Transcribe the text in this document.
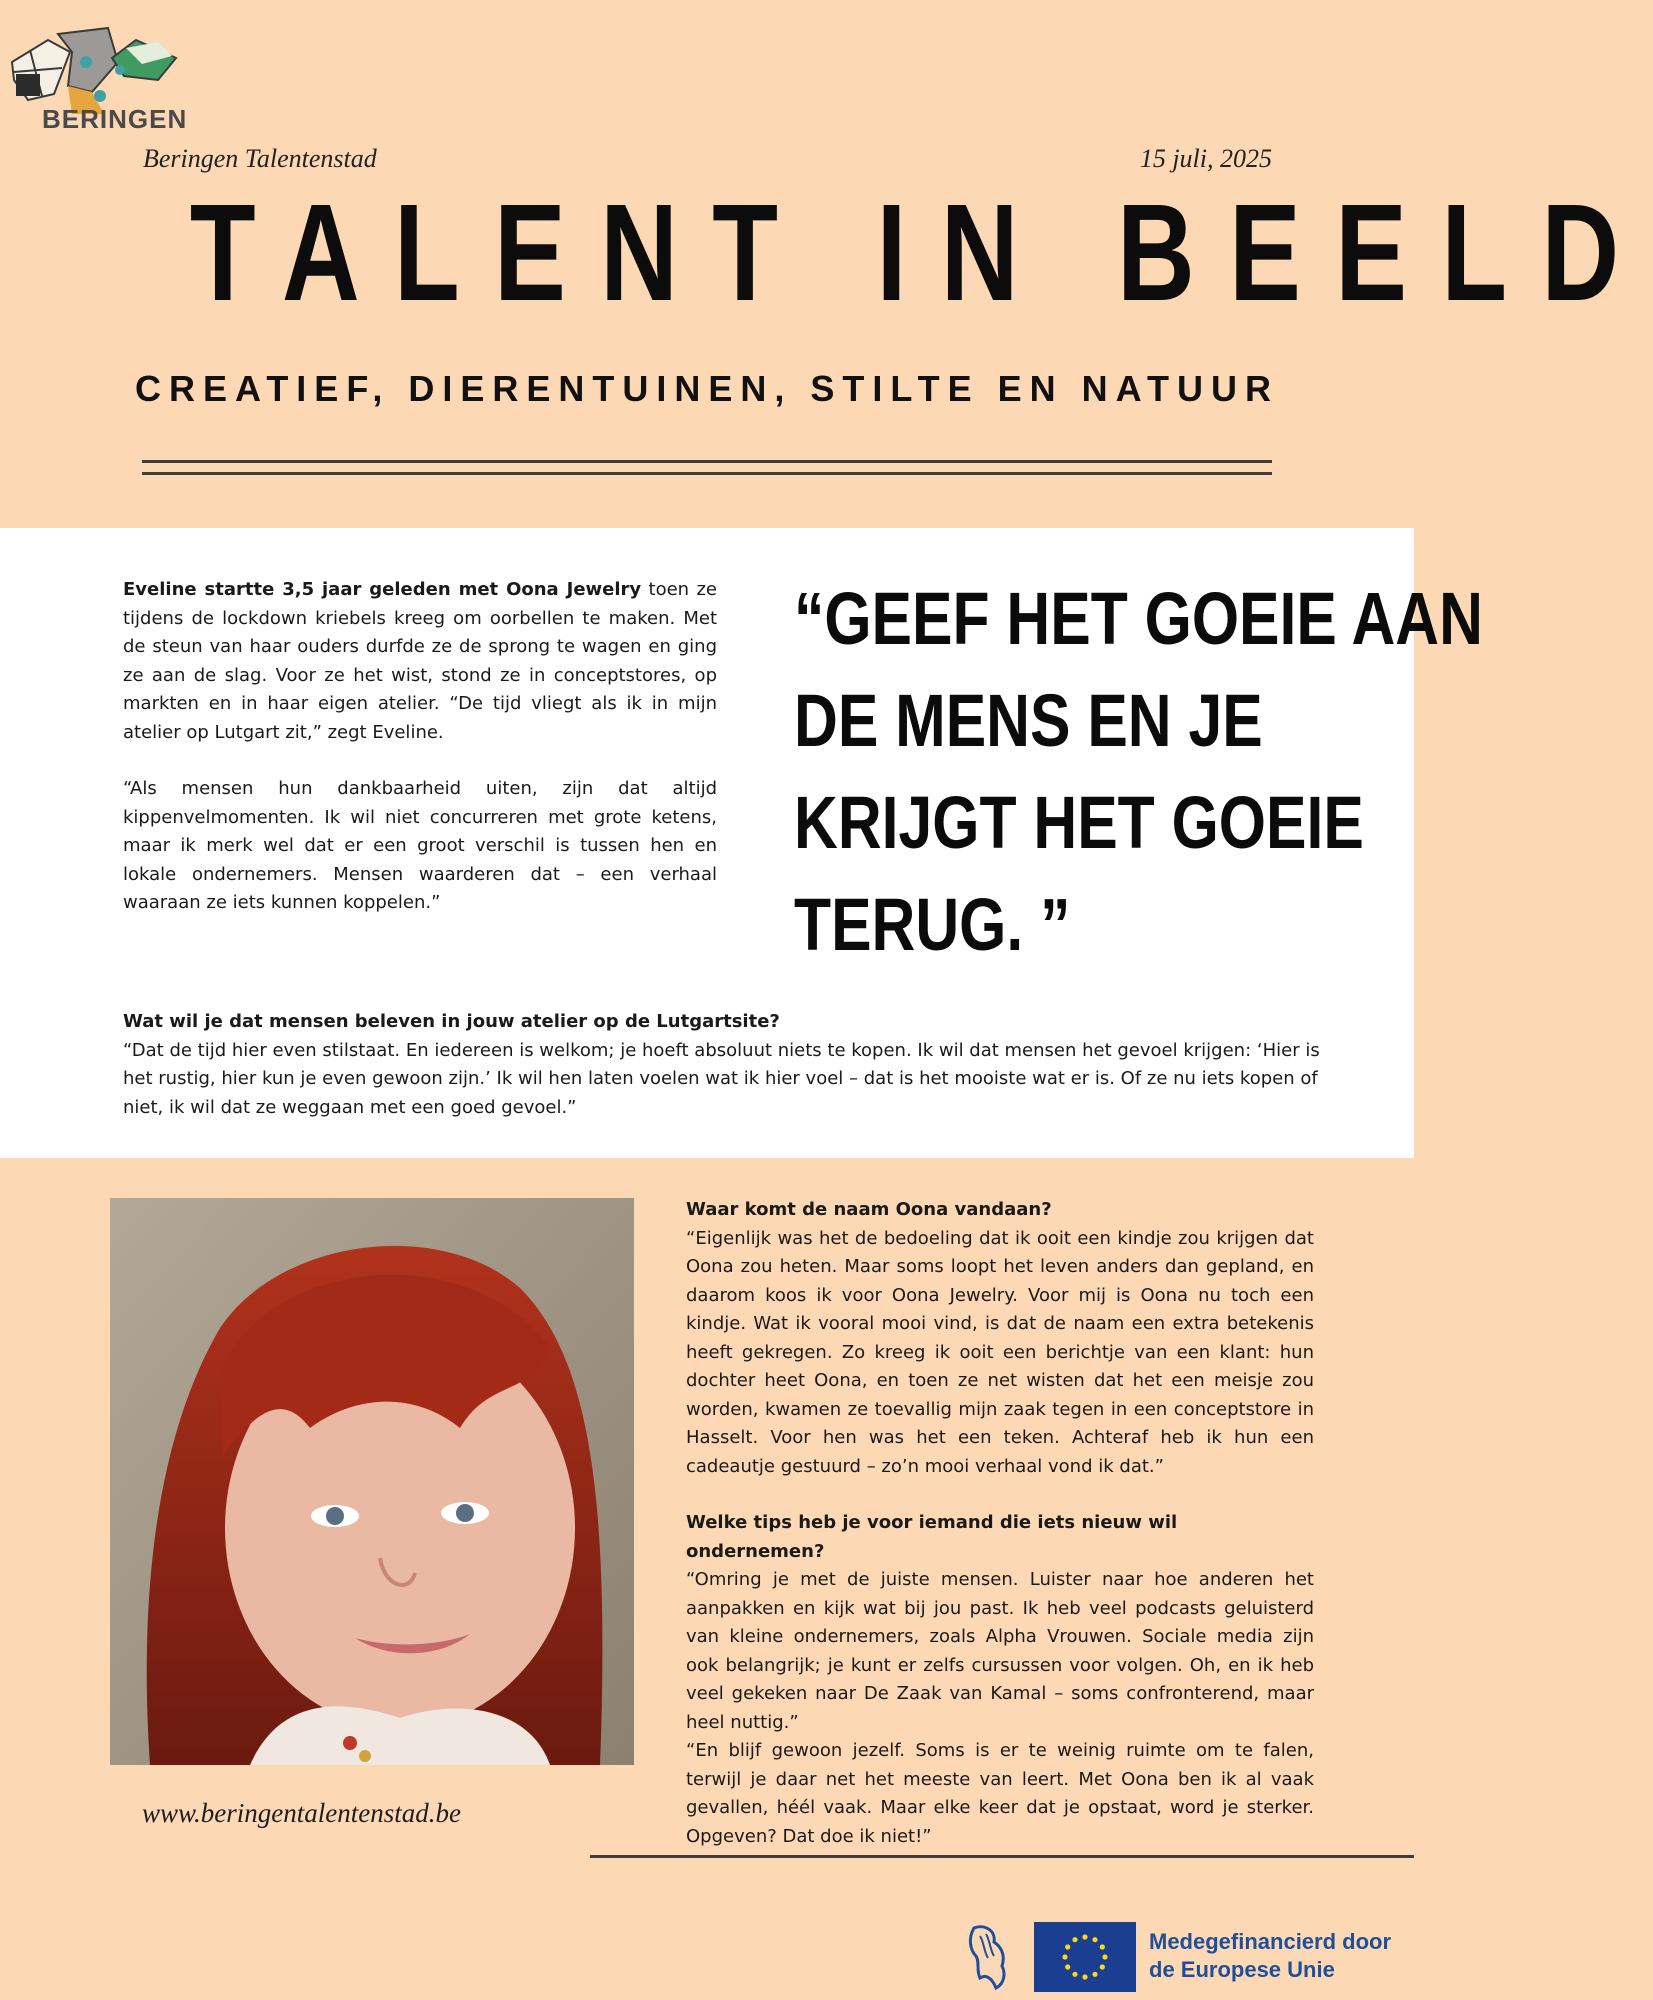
BERINGEN
Beringen Talentenstad	15 juli, 2025
TALENT IN BEELD
CREATIEF, DIERENTUINEN, STILTE EN NATUUR

Eveline startte 3,5 jaar geleden met Oona Jewelry toen ze tijdens de lockdown kriebels kreeg om oorbellen te maken. Met de steun van haar ouders durfde ze de sprong te wagen en ging ze aan de slag. Voor ze het wist, stond ze in conceptstores, op markten en in haar eigen atelier. “De tijd vliegt als ik in mijn atelier op Lutgart zit,” zegt Eveline.

“Als mensen hun dankbaarheid uiten, zijn dat altijd kippenvelmomenten. Ik wil niet concurreren met grote ketens, maar ik merk wel dat er een groot verschil is tussen hen en lokale ondernemers. Mensen waarderen dat – een verhaal waaraan ze iets kunnen koppelen.”

“GEEF HET GOEIE AAN
DE MENS EN JE
KRIJGT HET GOEIE
TERUG. ”
Wat wil je dat mensen beleven in jouw atelier op de Lutgartsite?
“Dat de tijd hier even stilstaat. En iedereen is welkom; je hoeft absoluut niets te kopen. Ik wil dat mensen het gevoel krijgen: ‘Hier is het rustig, hier kun je even gewoon zijn.’ Ik wil hen laten voelen wat ik hier voel – dat is het mooiste wat er is. Of ze nu iets kopen of niet, ik wil dat ze weggaan met een goed gevoel.”
www.beringentalentenstad.be
Waar komt de naam Oona vandaan?
“Eigenlijk was het de bedoeling dat ik ooit een kindje zou krijgen dat Oona zou heten. Maar soms loopt het leven anders dan gepland, en daarom koos ik voor Oona Jewelry. Voor mij is Oona nu toch een kindje. Wat ik vooral mooi vind, is dat de naam een extra betekenis heeft gekregen. Zo kreeg ik ooit een berichtje van een klant: hun dochter heet Oona, en toen ze net wisten dat het een meisje zou worden, kwamen ze toevallig mijn zaak tegen in een conceptstore in Hasselt. Voor hen was het een teken. Achteraf heb ik hun een cadeautje gestuurd – zo’n mooi verhaal vond ik dat.”
Welke tips heb je voor iemand die iets nieuw wil ondernemen?
“Omring je met de juiste mensen. Luister naar hoe anderen het aanpakken en kijk wat bij jou past. Ik heb veel podcasts geluisterd van kleine ondernemers, zoals Alpha Vrouwen. Sociale media zijn ook belangrijk; je kunt er zelfs cursussen voor volgen. Oh, en ik heb veel gekeken naar De Zaak van Kamal – soms confronterend, maar heel nuttig.”
“En blijf gewoon jezelf. Soms is er te weinig ruimte om te falen, terwijl je daar net het meeste van leert. Met Oona ben ik al vaak gevallen, héél vaak. Maar elke keer dat je opstaat, word je sterker. Opgeven? Dat doe ik niet!”
Medegefinancierd door
de Europese Unie
